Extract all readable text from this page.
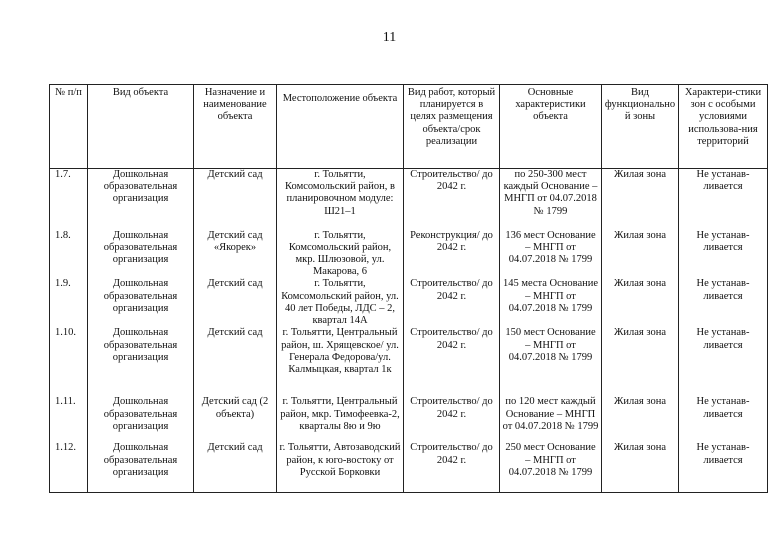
11
№ п/п	Вид объекта	Назначение и наименование объекта	Местоположение объекта	Вид работ, который планируется в целях размещения объекта/срок реализации	Основные характеристики объекта	Вид функционально й зоны	Характери-стики зон с особыми условиями использова-ния территорий
1.7.	Дошкольная образовательная организация	Детский сад	г. Тольятти, Комсомольский район, в планировочном модуле: Ш21–1	Строительство/ до 2042 г.	по 250-300 мест каждый Основание – МНГП от 04.07.2018 № 1799	Жилая зона	Не устанав-ливается
1.8.	Дошкольная образовательная организация	Детский сад «Якорек»	г. Тольятти, Комсомольский район, мкр. Шлюзовой, ул. Макарова, 6	Реконструкция/ до 2042 г.	136 мест Основание – МНГП от 04.07.2018 № 1799	Жилая зона	Не устанав-ливается
1.9.	Дошкольная образовательная организация	Детский сад	г. Тольятти, Комсомольский район, ул. 40 лет Победы, ЛДС – 2, квартал 14А	Строительство/ до 2042 г.	145 места Основание – МНГП от 04.07.2018 № 1799	Жилая зона	Не устанав-ливается
1.10.	Дошкольная образовательная организация	Детский сад	г. Тольятти, Центральный район, ш. Хрящевское/ ул. Генерала Федорова/ул. Калмыцкая, квартал 1к	Строительство/ до 2042 г.	150 мест Основание – МНГП от 04.07.2018 № 1799	Жилая зона	Не устанав-ливается
1.11.	Дошкольная образовательная организация	Детский сад (2 объекта)	г. Тольятти, Центральный район, мкр. Тимофеевка-2, кварталы 8ю и 9ю	Строительство/ до 2042 г.	по 120 мест каждый Основание – МНГП от 04.07.2018 № 1799	Жилая зона	Не устанав-ливается
1.12.	Дошкольная образовательная организация	Детский сад	г. Тольятти, Автозаводский район, к юго-востоку от Русской Борковки	Строительство/ до 2042 г.	250 мест Основание – МНГП от 04.07.2018 № 1799	Жилая зона	Не устанав-ливается
